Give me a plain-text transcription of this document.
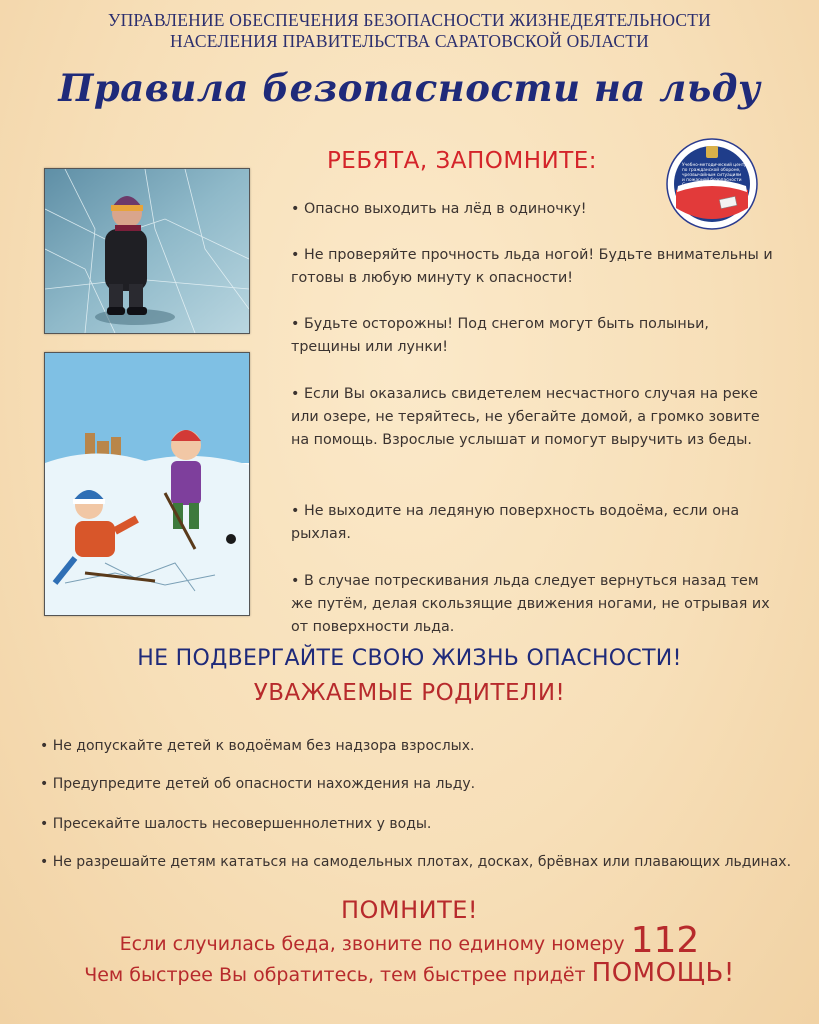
УПРАВЛЕНИЕ ОБЕСПЕЧЕНИЯ БЕЗОПАСНОСТИ ЖИЗНЕДЕЯТЕЛЬНОСТИ
НАСЕЛЕНИЯ ПРАВИТЕЛЬСТВА САРАТОВСКОЙ ОБЛАСТИ
Правила безопасности на льду
Учебно-методический центр
по гражданской обороне,
чрезвычайным ситуациям
и пожарной безопасности
Саратовской области
РЕБЯТА, ЗАПОМНИТЕ:

• Опасно выходить на лёд в одиночку!

• Не проверяйте прочность льда ногой! Будьте внимательны и готовы в любую минуту к опасности!

• Будьте осторожны! Под снегом могут быть полыньи, трещины или лунки!

• Если Вы оказались свидетелем несчастного случая на реке или озере, не теряйтесь, не убегайте домой, а громко зовите на помощь. Взрослые услышат и помогут выручить из беды.

• Не выходите на ледяную поверхность водоёма, если она рыхлая.

• В случае потрескивания льда следует вернуться назад тем же путём, делая скользящие движения ногами, не отрывая их от поверхности льда.

НЕ ПОДВЕРГАЙТЕ СВОЮ ЖИЗНЬ ОПАСНОСТИ!
УВАЖАЕМЫЕ РОДИТЕЛИ!

• Не допускайте детей к водоёмам без надзора взрослых.

• Предупредите детей об опасности нахождения на льду.

• Пресекайте шалость несовершеннолетних у воды.

• Не разрешайте детям кататься на самодельных плотах, досках, брёвнах или плавающих льдинах.

ПОМНИТЕ!
Если случилась беда, звоните по единому номеру 112
Чем быстрее Вы обратитесь, тем быстрее придёт ПОМОЩЬ!
